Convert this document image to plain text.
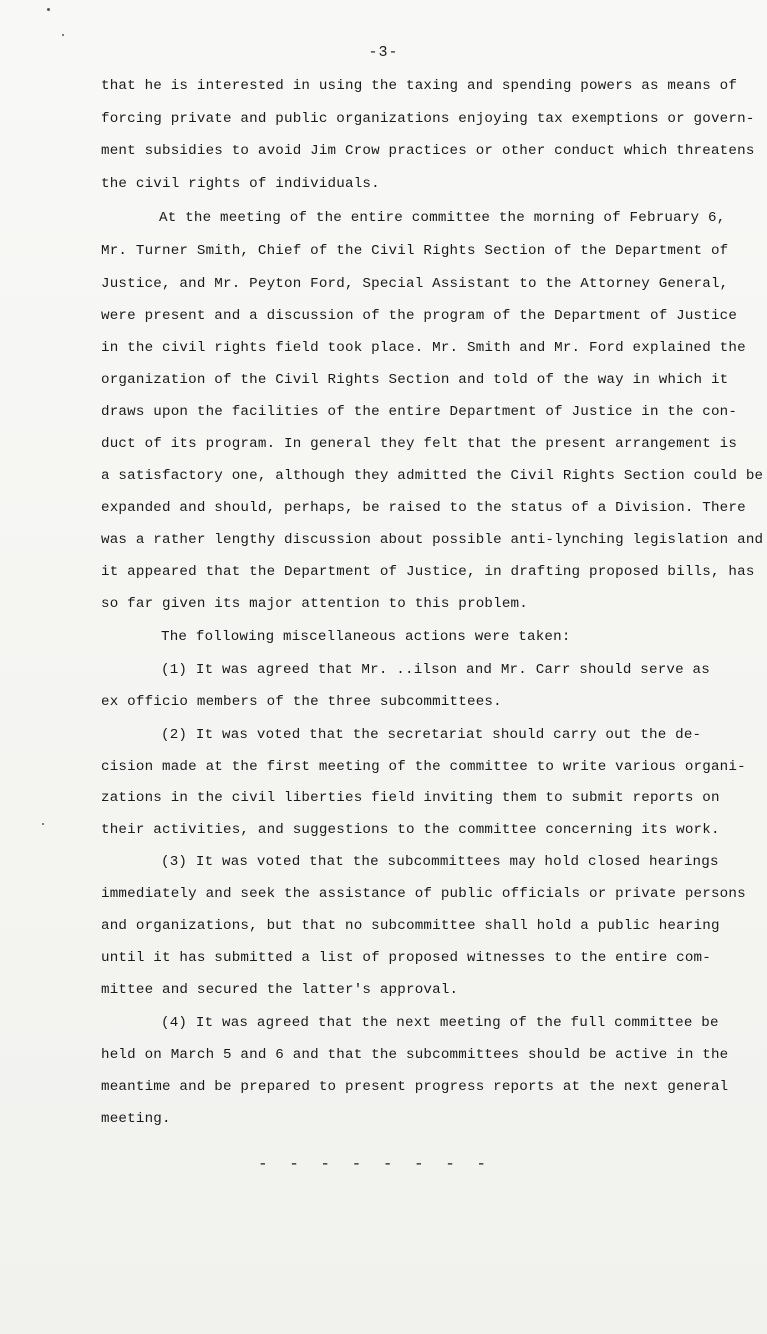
-3-
that he is interested in using the taxing and spending powers as means of
forcing private and public organizations enjoying tax exemptions or govern-
ment subsidies to avoid Jim Crow practices or other conduct which threatens
the civil rights of individuals.
At the meeting of the entire committee the morning of February 6,
Mr. Turner Smith, Chief of the Civil Rights Section of the Department of
Justice, and Mr. Peyton Ford, Special Assistant to the Attorney General,
were present and a discussion of the program of the Department of Justice
in the civil rights field took place. Mr. Smith and Mr. Ford explained the
organization of the Civil Rights Section and told of the way in which it
draws upon the facilities of the entire Department of Justice in the con-
duct of its program. In general they felt that the present arrangement is
a satisfactory one, although they admitted the Civil Rights Section could be
expanded and should, perhaps, be raised to the status of a Division. There
was a rather lengthy discussion about possible anti-lynching legislation and
it appeared that the Department of Justice, in drafting proposed bills, has
so far given its major attention to this problem.
The following miscellaneous actions were taken:
(1) It was agreed that Mr. ..ilson and Mr. Carr should serve as
ex officio members of the three subcommittees.
(2) It was voted that the secretariat should carry out the de-
cision made at the first meeting of the committee to write various organi-
zations in the civil liberties field inviting them to submit reports on
their activities, and suggestions to the committee concerning its work.
(3) It was voted that the subcommittees may hold closed hearings
immediately and seek the assistance of public officials or private persons
and organizations, but that no subcommittee shall hold a public hearing
until it has submitted a list of proposed witnesses to the entire com-
mittee and secured the latter's approval.
(4) It was agreed that the next meeting of the full committee be
held on March 5 and 6 and that the subcommittees should be active in the
meantime and be prepared to present progress reports at the next general
meeting.
- - - - - - - -
